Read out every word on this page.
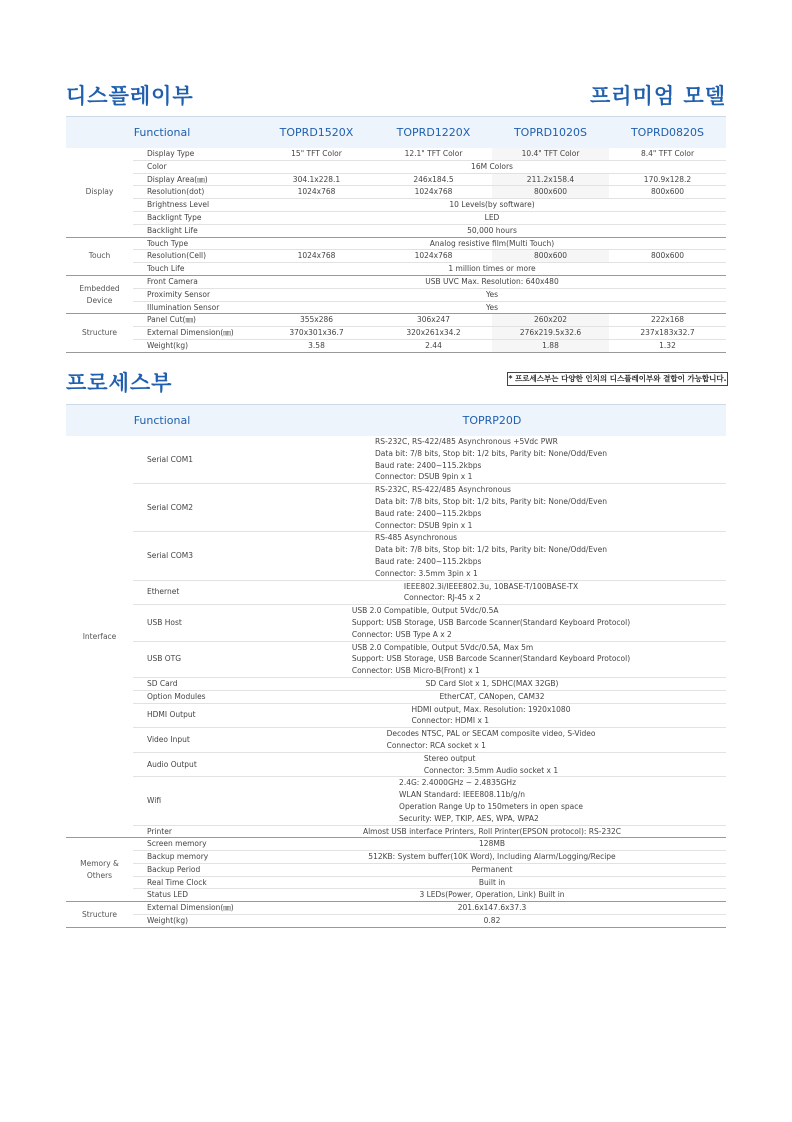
디스플레이부	프리미엄 모델
Functional		TOPRD1520X	TOPRD1220X	TOPRD1020S	TOPRD0820S
Display	Display Type	15" TFT Color	12.1" TFT Color	10.4" TFT Color	8.4" TFT Color
	Color	16M Colors			
	Display Area(㎜)	304.1x228.1	246x184.5	211.2x158.4	170.9x128.2
	Resolution(dot)	1024x768	1024x768	800x600	800x600
	Brightness Level	10 Levels(by software)			
	Backlignt Type	LED			
	Backlight Life	50,000 hours			
Touch	Touch Type	Analog resistive film(Multi Touch)			
	Resolution(Cell)	1024x768	1024x768	800x600	800x600
	Touch Life	1 million times or more			
Embedded Device	Front Camera	USB UVC Max. Resolution: 640x480			
	Proximity Sensor	Yes			
	Illumination Sensor	Yes			
Structure	Panel Cut(㎜)	355x286	306x247	260x202	222x168
	External Dimension(㎜)	370x301x36.7	320x261x34.2	276x219.5x32.6	237x183x32.7
	Weight(kg)	3.58	2.44	1.88	1.32
프로세스부	* 프로세스부는 다양한 인치의 디스플레이부와 결합이 가능합니다.
Functional		TOPRP20D
Interface	Serial COM1	RS-232C, RS-422/485 Asynchronous +5Vdc PWR
Data bit: 7/8 bits, Stop bit: 1/2 bits, Parity bit: None/Odd/Even
Baud rate: 2400~115.2kbps
Connector: DSUB 9pin x 1

	Serial COM2	RS-232C, RS-422/485 Asynchronous
Data bit: 7/8 bits, Stop bit: 1/2 bits, Parity bit: None/Odd/Even
Baud rate: 2400~115.2kbps
Connector: DSUB 9pin x 1

	Serial COM3	RS-485 Asynchronous
Data bit: 7/8 bits, Stop bit: 1/2 bits, Parity bit: None/Odd/Even
Baud rate: 2400~115.2kbps
Connector: 3.5mm 3pin x 1

	Ethernet	IEEE802.3i/IEEE802.3u, 10BASE-T/100BASE-TX
Connector: RJ-45 x 2

	USB Host	USB 2.0 Compatible, Output 5Vdc/0.5A
Support: USB Storage, USB Barcode Scanner(Standard Keyboard Protocol)
Connector: USB Type A x 2

	USB OTG	USB 2.0 Compatible, Output 5Vdc/0.5A, Max 5m
Support: USB Storage, USB Barcode Scanner(Standard Keyboard Protocol)
Connector: USB Micro-B(Front) x 1

	SD Card	SD Card Slot x 1, SDHC(MAX 32GB)
	Option Modules	EtherCAT, CANopen, CAM32
	HDMI Output	HDMI output, Max. Resolution: 1920x1080
Connector: HDMI x 1

	Video Input	Decodes NTSC, PAL or SECAM composite video, S-Video
Connector: RCA socket x 1

	Audio Output	Stereo output
Connector: 3.5mm Audio socket x 1

	Wifi	2.4G: 2.4000GHz ~ 2.4835GHz
WLAN Standard: IEEE808.11b/g/n
Operation Range Up to 150meters in open space
Security: WEP, TKIP, AES, WPA, WPA2

	Printer	Almost USB interface Printers, Roll Printer(EPSON protocol): RS-232C
Memory & Others	Screen memory	128MB
	Backup memory	512KB: System buffer(10K Word), Including Alarm/Logging/Recipe
	Backup Period	Permanent
	Real Time Clock	Built in
	Status LED	3 LEDs(Power, Operation, Link) Built in
Structure	External Dimension(㎜)	201.6x147.6x37.3
	Weight(kg)	0.82
